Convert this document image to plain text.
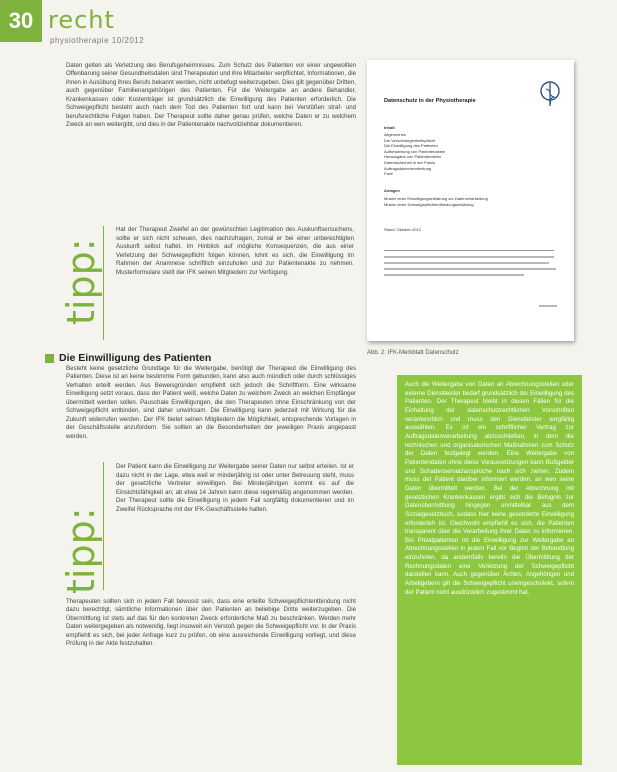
30 recht
physiotherapie 10/2012

Daten gelten als Verletzung des Berufsgeheimnisses. Zum Schutz des Patienten vor einer ungewollten Offenbarung seiner Gesundheitsdaten sind Therapeuten und ihre Mitarbeiter verpflichtet, Informationen, die ihnen in Ausübung ihres Berufs bekannt werden, nicht unbefugt weiterzugeben. Dies gilt gegenüber Dritten, auch gegenüber Familienangehörigen des Patienten. Für die Weitergabe an andere Behandler, Krankenkassen oder Kostenträger ist grundsätzlich die Einwilligung des Patienten erforderlich. Die Schweigepflicht besteht auch nach dem Tod des Patienten fort und kann bei Verstößen straf- und berufsrechtliche Folgen haben. Der Therapeut sollte daher genau prüfen, welche Daten er zu welchem Zweck an wen weitergibt, und dies in der Patientenakte nachvollziehbar dokumentieren.

tipp:
Hat der Therapeut Zweifel an der gewünschten Legitimation des Auskunftsersuchens, sollte er sich nicht scheuen, dies nachzufragen, zumal er bei einer unberechtigten Auskunft selbst haftet. Im Hinblick auf mögliche Konsequenzen, die aus einer Verletzung der Schweigepflicht folgen können, lohnt es sich, die Einwilligung im Rahmen der Anamnese schriftlich einzuholen und zur Patientenakte zu nehmen. Musterformulare stellt der IFK seinen Mitgliedern zur Verfügung.
Datenschutz in der Physiotherapie
Inhalt
Allgemeines
Die Verschwiegenheitspflicht
Die Einwilligung des Patienten
Aufbewahrung von Patientenakten
Herausgabe von Patientenakten
Datensicherheit in der Praxis
Auftragsdatenverarbeitung
Fazit
Anlagen
Muster einer Einwilligungserklärung zur Datenverarbeitung
Muster einer Schweigepflichtentbindungserklärung
Stand: Oktober 2012
Abb. 2: IFK-Merkblatt Datenschutz
Die Einwilligung des Patienten

Besteht keine gesetzliche Grundlage für die Weitergabe, benötigt der Therapeut die Einwilligung des Patienten. Diese ist an keine bestimmte Form gebunden, kann also auch mündlich oder durch schlüssiges Verhalten erteilt werden. Aus Beweisgründen empfiehlt sich jedoch die Schriftform. Eine wirksame Einwilligung setzt voraus, dass der Patient weiß, welche Daten zu welchem Zweck an welchen Empfänger übermittelt werden sollen. Pauschale Einwilligungen, die den Therapeuten ohne Einschränkung von der Schweigepflicht entbinden, sind daher unwirksam. Die Einwilligung kann jederzeit mit Wirkung für die Zukunft widerrufen werden. Der IFK bietet seinen Mitgliedern die Möglichkeit, entsprechende Vorlagen in der Geschäftsstelle anzufordern. Sie sollten an die Besonderheiten der jeweiligen Praxis angepasst werden.

tipp:
Der Patient kann die Einwilligung zur Weitergabe seiner Daten nur selbst erteilen. Ist er dazu nicht in der Lage, etwa weil er minderjährig ist oder unter Betreuung steht, muss der gesetzliche Vertreter einwilligen. Bei Minderjährigen kommt es auf die Einsichtsfähigkeit an; ab etwa 14 Jahren kann diese regelmäßig angenommen werden. Der Therapeut sollte die Einwilligung in jedem Fall sorgfältig dokumentieren und im Zweifel Rücksprache mit der IFK-Geschäftsstelle halten.

Therapeuten sollten sich in jedem Fall bewusst sein, dass eine erteilte Schweigepflichtentbindung nicht dazu berechtigt, sämtliche Informationen über den Patienten an beliebige Dritte weiterzugeben. Die Übermittlung ist stets auf das für den konkreten Zweck erforderliche Maß zu beschränken. Werden mehr Daten weitergegeben als notwendig, liegt insoweit ein Verstoß gegen die Schweigepflicht vor. In der Praxis empfiehlt es sich, bei jeder Anfrage kurz zu prüfen, ob eine ausreichende Einwilligung vorliegt, und diese Prüfung in der Akte festzuhalten.

Auch die Weitergabe von Daten an Abrechnungsstellen oder externe Dienstleister bedarf grundsätzlich der Einwilligung des Patienten. Der Therapeut bleibt in diesen Fällen für die Einhaltung der datenschutzrechtlichen Vorschriften verantwortlich und muss den Dienstleister sorgfältig auswählen. Es ist ein schriftlicher Vertrag zur Auftragsdatenverarbeitung abzuschließen, in dem die technischen und organisatorischen Maßnahmen zum Schutz der Daten festgelegt werden. Eine Weitergabe von Patientendaten ohne diese Voraussetzungen kann Bußgelder und Schadensersatzansprüche nach sich ziehen. Zudem muss der Patient darüber informiert werden, an wen seine Daten übermittelt werden. Bei der Abrechnung mit gesetzlichen Krankenkassen ergibt sich die Befugnis zur Datenübermittlung hingegen unmittelbar aus dem Sozialgesetzbuch, sodass hier keine gesonderte Einwilligung erforderlich ist. Gleichwohl empfiehlt es sich, die Patienten transparent über die Verarbeitung ihrer Daten zu informieren. Bei Privatpatienten ist die Einwilligung zur Weitergabe an Abrechnungsstellen in jedem Fall vor Beginn der Behandlung einzuholen, da andernfalls bereits die Übermittlung der Rechnungsdaten eine Verletzung der Schweigepflicht darstellen kann. Auch gegenüber Ärzten, Angehörigen und Arbeitgebern gilt die Schweigepflicht uneingeschränkt, sofern der Patient nicht ausdrücklich zugestimmt hat.
